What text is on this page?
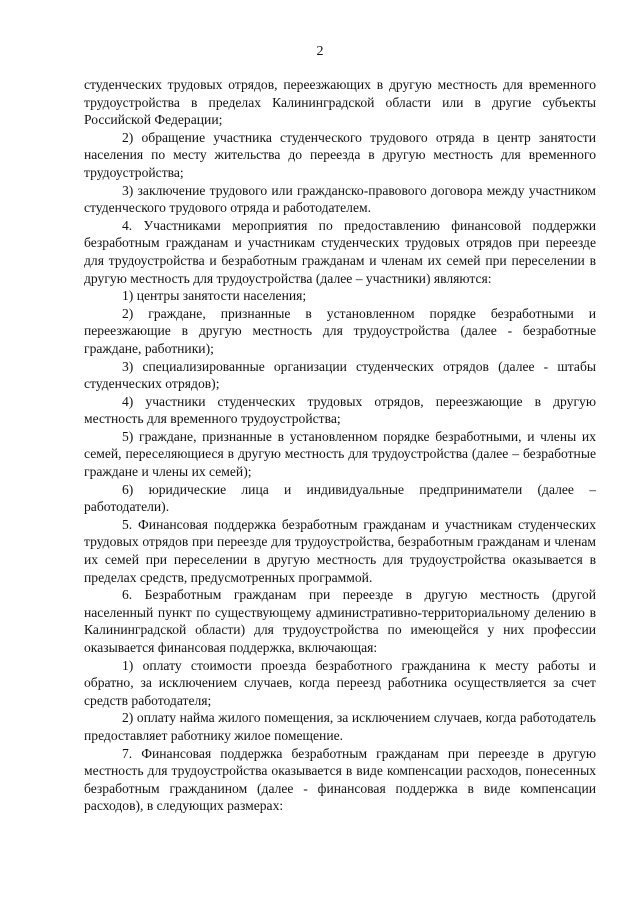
2

студенческих трудовых отрядов, переезжающих в другую местность для временного трудоустройства в пределах Калининградской области или в другие субъекты Российской Федерации;

2) обращение участника студенческого трудового отряда в центр занятости населения по месту жительства до переезда в другую местность для временного трудоустройства;

3) заключение трудового или гражданско-правового договора между участником студенческого трудового отряда и работодателем.

4. Участниками мероприятия по предоставлению финансовой поддержки безработным гражданам и участникам студенческих трудовых отрядов при переезде для трудоустройства и безработным гражданам и членам их семей при переселении в другую местность для трудоустройства (далее – участники) являются:

1) центры занятости населения;

2) граждане, признанные в установленном порядке безработными и переезжающие в другую местность для трудоустройства (далее - безработные граждане, работники);

3) специализированные организации студенческих отрядов (далее - штабы студенческих отрядов);

4) участники студенческих трудовых отрядов, переезжающие в другую местность для временного трудоустройства;

5) граждане, признанные в установленном порядке безработными, и члены их семей, переселяющиеся в другую местность для трудоустройства (далее – безработные граждане и члены их семей);

6) юридические лица и индивидуальные предприниматели (далее – работодатели).

5. Финансовая поддержка безработным гражданам и участникам студенческих трудовых отрядов при переезде для трудоустройства, безработным гражданам и членам их семей при переселении в другую местность для трудоустройства оказывается в пределах средств, предусмотренных программой.

6. Безработным гражданам при переезде в другую местность (другой населенный пункт по существующему административно-территориальному делению в Калининградской области) для трудоустройства по имеющейся у них профессии оказывается финансовая поддержка, включающая:

1) оплату стоимости проезда безработного гражданина к месту работы и обратно, за исключением случаев, когда переезд работника осуществляется за счет средств работодателя;

2) оплату найма жилого помещения, за исключением случаев, когда работодатель предоставляет работнику жилое помещение.

7. Финансовая поддержка безработным гражданам при переезде в другую местность для трудоустройства оказывается в виде компенсации расходов, понесенных безработным гражданином (далее - финансовая поддержка в виде компенсации расходов), в следующих размерах:
